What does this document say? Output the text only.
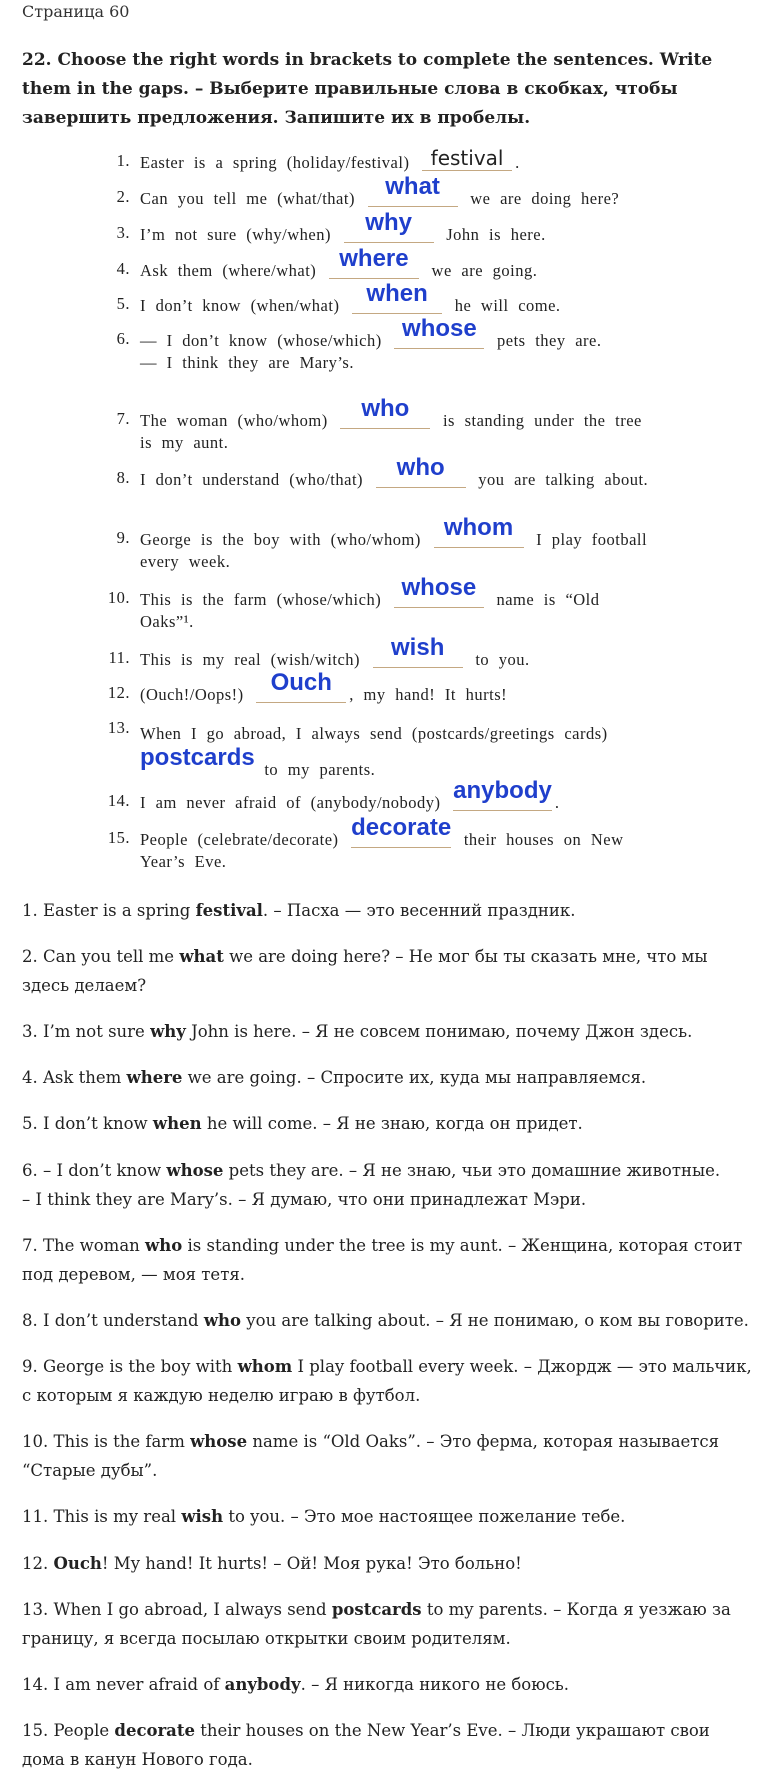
Страница 60
22. Choose the right words in brackets to complete the sentences. Write them in the gaps. – Выберите правильные слова в скобках, чтобы завершить предложения. Запишите их в пробелы.
1. Easter is a spring (holiday/festival) festival .
2. Can you tell me (what/that) what we are doing here?
3. I’m not sure (why/when) why John is here.
4. Ask them (where/what) where we are going.
5. I don’t know (when/what) when he will come.
6. — I don’t know (whose/which) whose pets they are.
— I think they are Mary’s.
7. The woman (who/whom) who is standing under the tree is my aunt.
8. I don’t understand (who/that) who you are talking about.
9. George is the boy with (who/whom) whom I play football every week.
10. This is the farm (whose/which) whose name is “Old Oaks”¹.
11. This is my real (wish/witch) wish to you.
12. (Ouch!/Oops!) Ouch , my hand! It hurts!
13. When I go abroad, I always send (postcards/greetings cards) postcards to my parents.
14. I am never afraid of (anybody/nobody) anybody .
15. People (celebrate/decorate) decorate their houses on New Year’s Eve.
1. Easter is a spring festival. – Пасха — это весенний праздник.
2. Can you tell me what we are doing here? – Не мог бы ты сказать мне, что мы здесь делаем?
3. I’m not sure why John is here. – Я не совсем понимаю, почему Джон здесь.
4. Ask them where we are going. – Спросите их, куда мы направляемся.
5. I don’t know when he will come. – Я не знаю, когда он придет.
6. – I don’t know whose pets they are. – Я не знаю, чьи это домашние животные.
– I think they are Mary’s. – Я думаю, что они принадлежат Мэри.
7. The woman who is standing under the tree is my aunt. – Женщина, которая стоит под деревом, — моя тетя.
8. I don’t understand who you are talking about. – Я не понимаю, о ком вы говорите.
9. George is the boy with whom I play football every week. – Джордж — это мальчик, с которым я каждую неделю играю в футбол.
10. This is the farm whose name is “Old Oaks”. – Это ферма, которая называется “Старые дубы”.
11. This is my real wish to you. – Это мое настоящее пожелание тебе.
12. Ouch! My hand! It hurts! – Ой! Моя рука! Это больно!
13. When I go abroad, I always send postcards to my parents. – Когда я уезжаю за границу, я всегда посылаю открытки своим родителям.
14. I am never afraid of anybody. – Я никогда никого не боюсь.
15. People decorate their houses on the New Year’s Eve. – Люди украшают свои дома в канун Нового года.
